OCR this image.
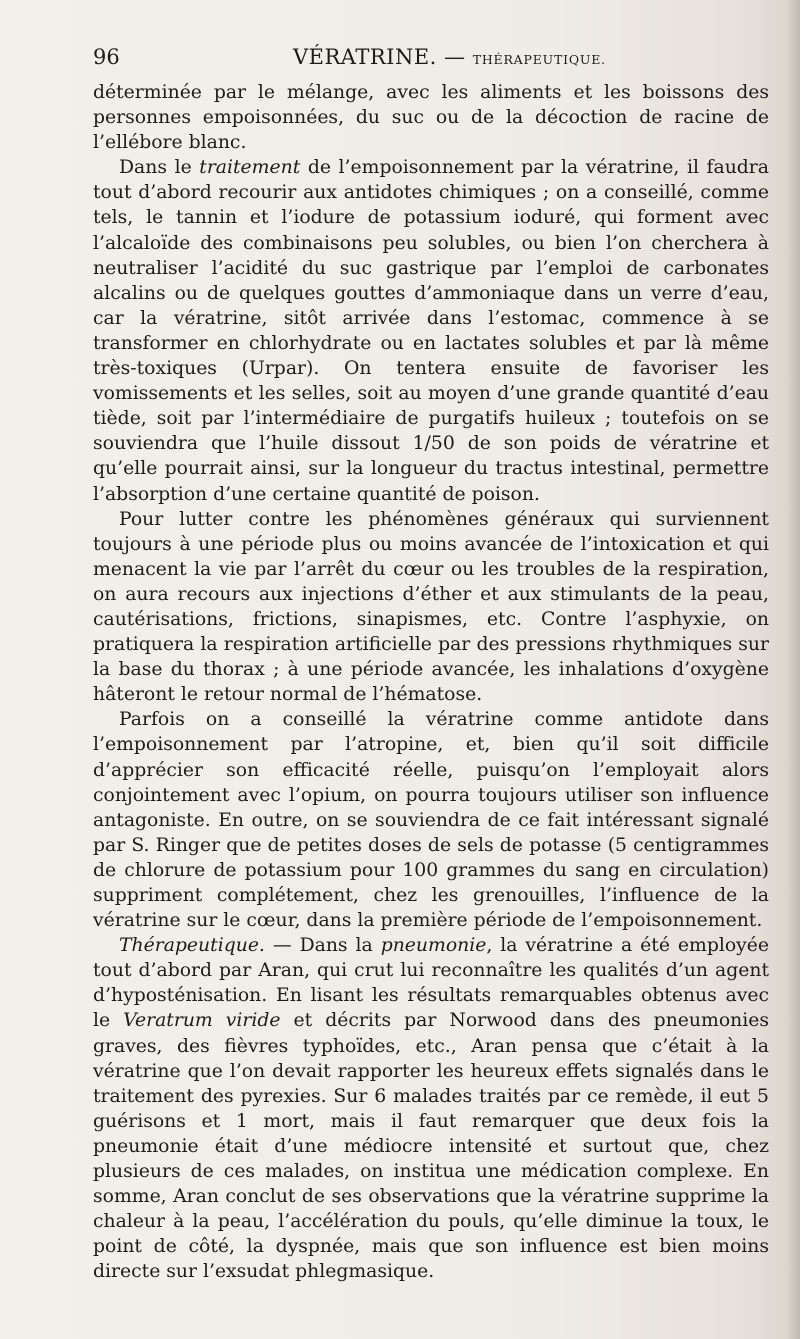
96	VÉRATRINE. — THÉRAPEUTIQUE.

déterminée par le mélange, avec les aliments et les boissons des personnes empoisonnées, du suc ou de la décoction de racine de l’ellébore blanc.

Dans le traitement de l’empoisonnement par la vératrine, il faudra tout d’abord recourir aux antidotes chimiques ; on a conseillé, comme tels, le tannin et l’iodure de potassium ioduré, qui forment avec l’alcaloïde des combinaisons peu solubles, ou bien l’on cherchera à neutraliser l’acidité du suc gastrique par l’emploi de carbonates alcalins ou de quelques gouttes d’ammoniaque dans un verre d’eau, car la vératrine, sitôt arrivée dans l’estomac, commence à se transformer en chlorhydrate ou en lactates solubles et par là même très-toxiques (Urpar). On tentera ensuite de favoriser les vomissements et les selles, soit au moyen d’une grande quantité d’eau tiède, soit par l’intermédiaire de purgatifs huileux ; toutefois on se souviendra que l’huile dissout 1/50 de son poids de vératrine et qu’elle pourrait ainsi, sur la longueur du tractus intestinal, permettre l’absorption d’une certaine quantité de poison.

Pour lutter contre les phénomènes généraux qui surviennent toujours à une période plus ou moins avancée de l’intoxication et qui menacent la vie par l’arrêt du cœur ou les troubles de la respiration, on aura recours aux injections d’éther et aux stimulants de la peau, cautérisations, frictions, sinapismes, etc. Contre l’asphyxie, on pratiquera la respiration artificielle par des pressions rhythmiques sur la base du thorax ; à une période avancée, les inhalations d’oxygène hâteront le retour normal de l’hématose.

Parfois on a conseillé la vératrine comme antidote dans l’empoisonnement par l’atropine, et, bien qu’il soit difficile d’apprécier son efficacité réelle, puisqu’on l’employait alors conjointement avec l’opium, on pourra toujours utiliser son influence antagoniste. En outre, on se souviendra de ce fait intéressant signalé par S. Ringer que de petites doses de sels de potasse (5 centigrammes de chlorure de potassium pour 100 grammes du sang en circulation) suppriment complétement, chez les grenouilles, l’influence de la vératrine sur le cœur, dans la première période de l’empoisonnement.

Thérapeutique. — Dans la pneumonie, la vératrine a été employée tout d’abord par Aran, qui crut lui reconnaître les qualités d’un agent d’hyposténisation. En lisant les résultats remarquables obtenus avec le Veratrum viride et décrits par Norwood dans des pneumonies graves, des fièvres typhoïdes, etc., Aran pensa que c’était à la vératrine que l’on devait rapporter les heureux effets signalés dans le traitement des pyrexies. Sur 6 malades traités par ce remède, il eut 5 guérisons et 1 mort, mais il faut remarquer que deux fois la pneumonie était d’une médiocre intensité et surtout que, chez plusieurs de ces malades, on institua une médication complexe. En somme, Aran conclut de ses observations que la vératrine supprime la chaleur à la peau, l’accélération du pouls, qu’elle diminue la toux, le point de côté, la dyspnée, mais que son influence est bien moins directe sur l’exsudat phlegmasique.
